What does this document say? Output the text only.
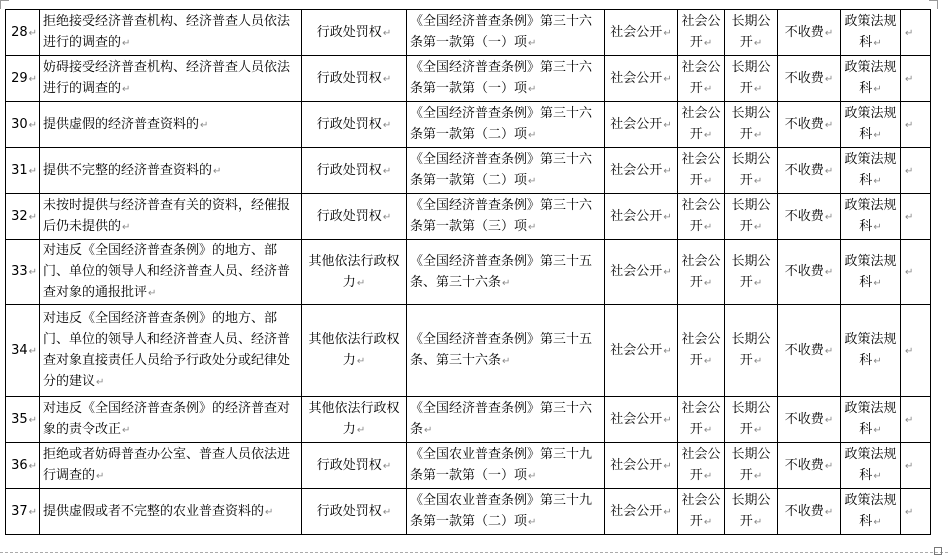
28↵	拒绝接受经济普查机构、经济普查人员依法进行的调查的↵	行政处罚权↵	《全国经济普查条例》第三十六条第一款第（一）项↵	社会公开↵	社会公开↵	长期公开↵	不收费↵	政策法规科↵	↵
29↵	妨碍接受经济普查机构、经济普查人员依法进行的调查的↵	行政处罚权↵	《全国经济普查条例》第三十六条第一款第（一）项↵	社会公开↵	社会公开↵	长期公开↵	不收费↵	政策法规科↵	↵
30↵	提供虚假的经济普查资料的↵	行政处罚权↵	《全国经济普查条例》第三十六条第一款第（二）项↵	社会公开↵	社会公开↵	长期公开↵	不收费↵	政策法规科↵	↵
31↵	提供不完整的经济普查资料的↵	行政处罚权↵	《全国经济普查条例》第三十六条第一款第（二）项↵	社会公开↵	社会公开↵	长期公开↵	不收费↵	政策法规科↵	↵
32↵	未按时提供与经济普查有关的资料，经催报后仍未提供的↵	行政处罚权↵	《全国经济普查条例》第三十六条第一款第（三）项↵	社会公开↵	社会公开↵	长期公开↵	不收费↵	政策法规科↵	↵
33↵	对违反《全国经济普查条例》的地方、部门、单位的领导人和经济普查人员、经济普查对象的通报批评↵	其他依法行政权力↵	《全国经济普查条例》第三十五条、第三十六条↵	社会公开↵	社会公开↵	长期公开↵	不收费↵	政策法规科↵	↵
34↵	对违反《全国经济普查条例》的地方、部门、单位的领导人和经济普查人员、经济普查对象直接责任人员给予行政处分或纪律处分的建议↵	其他依法行政权力↵	《全国经济普查条例》第三十五条、第三十六条↵	社会公开↵	社会公开↵	长期公开↵	不收费↵	政策法规科↵	↵
35↵	对违反《全国经济普查条例》的经济普查对象的责令改正↵	其他依法行政权力↵	《全国经济普查条例》第三十六条↵	社会公开↵	社会公开↵	长期公开↵	不收费↵	政策法规科↵	↵
36↵	拒绝或者妨碍普查办公室、普查人员依法进行调查的↵	行政处罚权↵	《全国农业普查条例》第三十九条第一款第（一）项↵	社会公开↵	社会公开↵	长期公开↵	不收费↵	政策法规科↵	↵
37↵	提供虚假或者不完整的农业普查资料的↵	行政处罚权↵	《全国农业普查条例》第三十九条第一款第（二）项↵	社会公开↵	社会公开↵	长期公开↵	不收费↵	政策法规科↵	↵
